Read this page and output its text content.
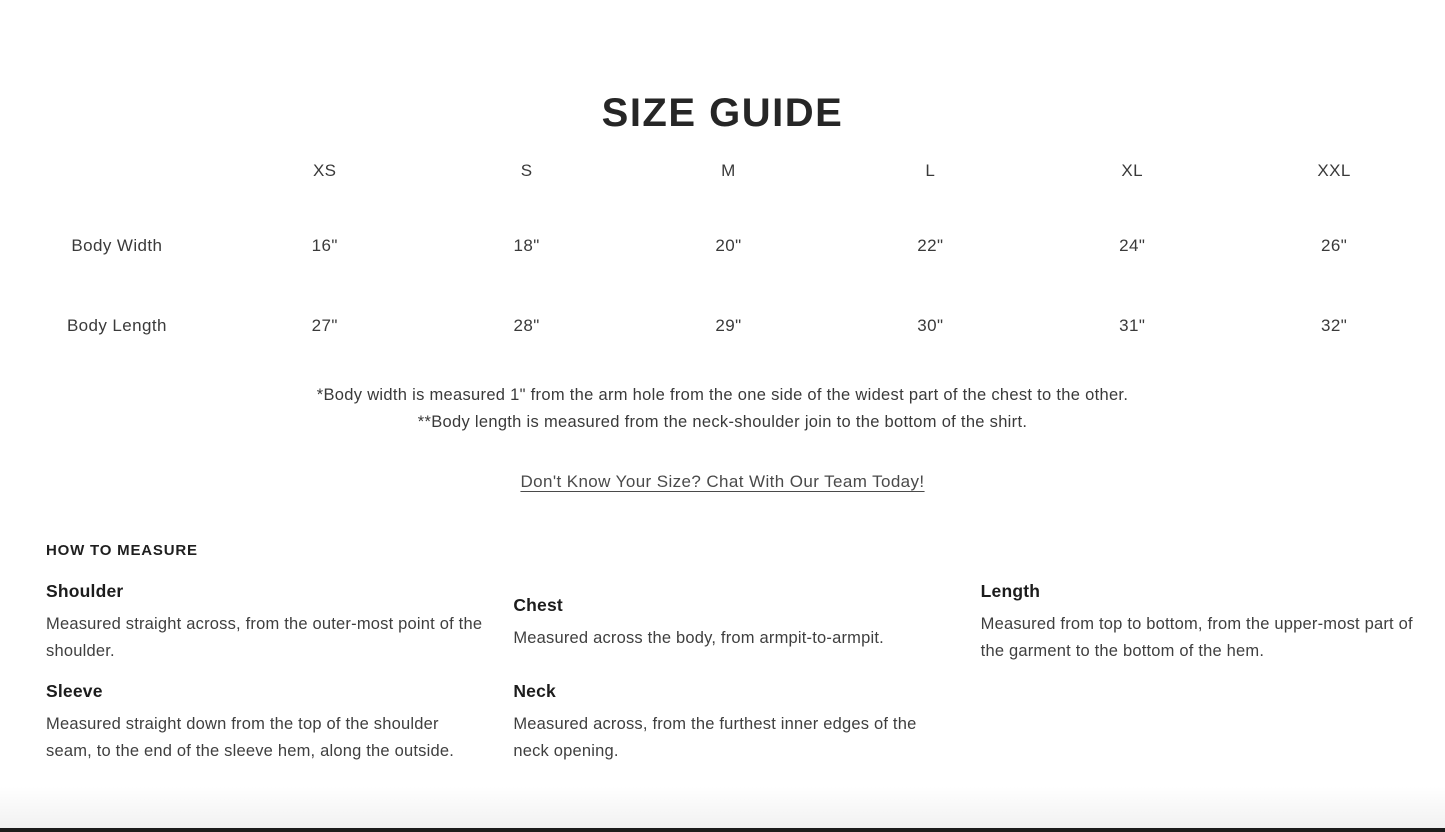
SIZE GUIDE
	XS	S	M	L	XL	XXL
Body Width	16"	18"	20"	22"	24"	26"
Body Length	27"	28"	29"	30"	31"	32"

*Body width is measured 1" from the arm hole from the one side of the widest part of the chest to the other.

**Body length is measured from the neck-shoulder join to the bottom of the shirt.

Don't Know Your Size? Chat With Our Team Today!
HOW TO MEASURE
Shoulder

Measured straight across, from the outer-most point of the shoulder.

Chest

Measured across the body, from armpit-to-armpit.

Length

Measured from top to bottom, from the upper-most part of the garment to the bottom of the hem.

Sleeve

Measured straight down from the top of the shoulder seam, to the end of the sleeve hem, along the outside.

Neck

Measured across, from the furthest inner edges of the neck opening.
